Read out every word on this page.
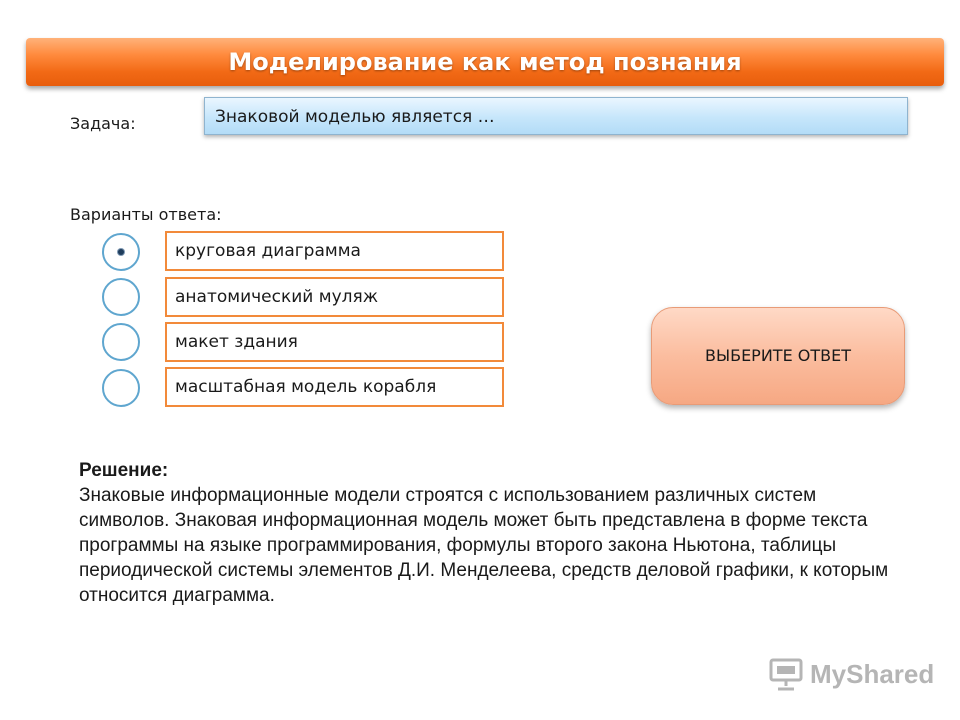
Моделирование как метод познания
Задача:	Знаковой моделью является …
Варианты ответа:
круговая диаграмма
анатомический муляж
макет здания
масштабная модель корабля
ВЫБЕРИТЕ ОТВЕТ
Решение:
Знаковые информационные модели строятся с использованием различных систем символов. Знаковая информационная модель может быть представлена в форме текста программы на языке программирования, формулы второго закона Ньютона, таблицы периодической системы элементов Д.И. Менделеева, средств деловой графики, к которым относится диаграмма.
MyShared
